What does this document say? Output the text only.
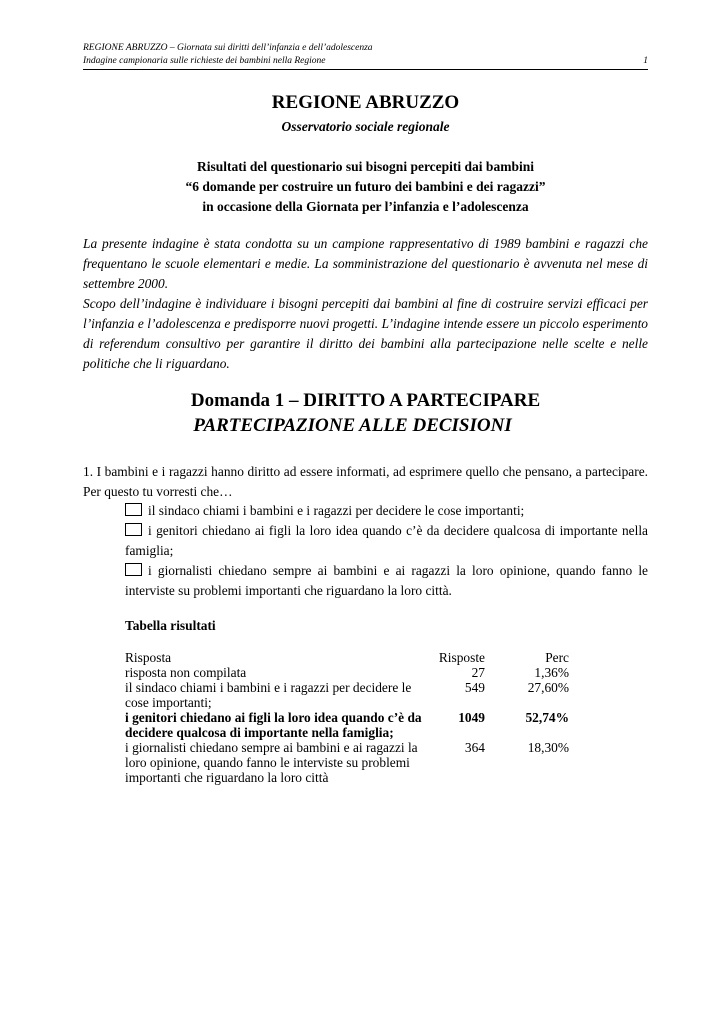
REGIONE ABRUZZO – Giornata sui diritti dell’infanzia e dell’adolescenza
Indagine campionaria sulle richieste dei bambini nella Regione	1
REGIONE ABRUZZO
Osservatorio sociale regionale
Risultati del questionario sui bisogni percepiti dai bambini
“6 domande per costruire un futuro dei bambini e dei ragazzi”
in occasione della Giornata per l’infanzia e l’adolescenza

La presente indagine è stata condotta su un campione rappresentativo di 1989 bambini e ragazzi che frequentano le scuole elementari e medie. La somministrazione del questionario è avvenuta nel mese di settembre 2000.

Scopo dell’indagine è individuare i bisogni percepiti dai bambini al fine di costruire servizi efficaci per l’infanzia e l’adolescenza e predisporre nuovi progetti. L’indagine intende essere un piccolo esperimento di referendum consultivo per garantire il diritto dei bambini alla partecipazione nelle scelte e nelle politiche che li riguardano.

Domanda 1 – DIRITTO A PARTECIPARE
PARTECIPAZIONE ALLE DECISIONI

1. I bambini e i ragazzi hanno diritto ad essere informati, ad esprimere quello che pensano, a partecipare. Per questo tu vorresti che…

il sindaco chiami i bambini e i ragazzi per decidere le cose importanti;

i genitori chiedano ai figli la loro idea quando c’è da decidere qualcosa di importante nella famiglia;

i giornalisti chiedano sempre ai bambini e ai ragazzi la loro opinione, quando fanno le interviste su problemi importanti che riguardano la loro città.

Tabella risultati
Risposta	Risposte	Perc
risposta non compilata	27	1,36%
il sindaco chiami i bambini e i ragazzi per decidere le cose importanti;	549	27,60%
i genitori chiedano ai figli la loro idea quando c’è da decidere qualcosa di importante nella famiglia;	1049	52,74%
i giornalisti chiedano sempre ai bambini e ai ragazzi la loro opinione, quando fanno le interviste su problemi importanti che riguardano la loro città	364	18,30%
